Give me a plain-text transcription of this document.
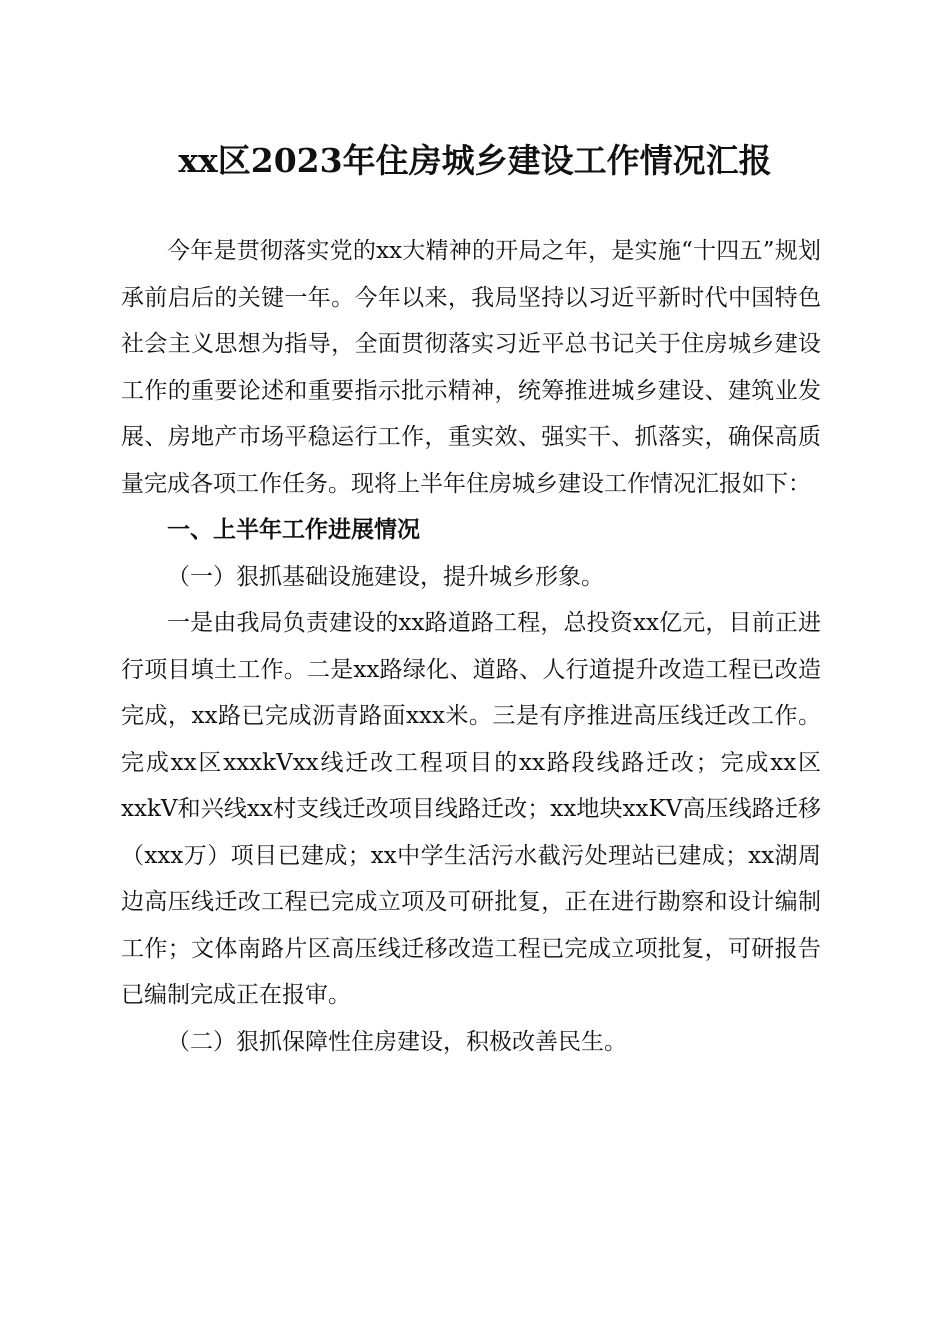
xx区2023年住房城乡建设工作情况汇报

今年是贯彻落实党的xx大精神的开局之年，是实施“十四五”规划承前启后的关键一年。今年以来，我局坚持以习近平新时代中国特色社会主义思想为指导，全面贯彻落实习近平总书记关于住房城乡建设工作的重要论述和重要指示批示精神，统筹推进城乡建设、建筑业发展、房地产市场平稳运行工作，重实效、强实干、抓落实，确保高质量完成各项工作任务。现将上半年住房城乡建设工作情况汇报如下：

一、上半年工作进展情况

（一）狠抓基础设施建设，提升城乡形象。

一是由我局负责建设的xx路道路工程，总投资xx亿元，目前正进行项目填土工作。二是xx路绿化、道路、人行道提升改造工程已改造完成，xx路已完成沥青路面xxx米。三是有序推进高压线迁改工作。完成xx区xxxkVxx线迁改工程项目的xx路段线路迁改；完成xx区xxkV和兴线xx村支线迁改项目线路迁改；xx地块xxKV高压线路迁移（xxx万）项目已建成；xx中学生活污水截污处理站已建成；xx湖周边高压线迁改工程已完成立项及可研批复，正在进行勘察和设计编制工作；文体南路片区高压线迁移改造工程已完成立项批复，可研报告已编制完成正在报审。

（二）狠抓保障性住房建设，积极改善民生。
